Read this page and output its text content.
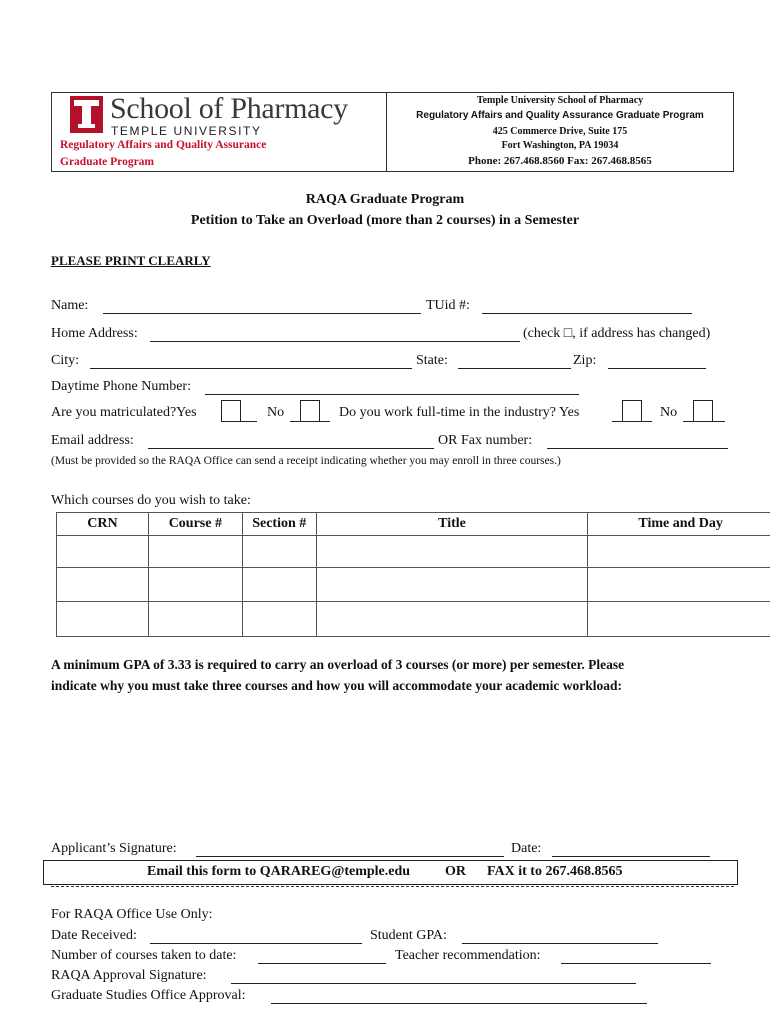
School of Pharmacy
TEMPLE UNIVERSITY
Regulatory Affairs and Quality Assurance
Graduate Program
Temple University School of Pharmacy
Regulatory Affairs and Quality Assurance Graduate Program
425 Commerce Drive, Suite 175
Fort Washington, PA 19034
Phone: 267.468.8560 Fax: 267.468.8565
RAQA Graduate Program
Petition to Take an Overload (more than 2 courses) in a Semester
PLEASE PRINT CLEARLY
Name:	TUid #:
Home Address:	(check □, if address has changed)
City:	State:	Zip:
Daytime Phone Number:
Are you matriculated?Yes	No	Do you work full-time in the industry? Yes	No
Email address:	OR Fax number:
(Must be provided so the RAQA Office can send a receipt indicating whether you may enroll in three courses.)
Which courses do you wish to take:
CRN	Course #	Section #	Title	Time and Day

A minimum GPA of 3.33 is required to carry an overload of 3 courses (or more) per semester. Please
indicate why you must take three courses and how you will accommodate your academic workload:
Applicant’s Signature:	Date:
Email this form to QARAREG@temple.edu OR FAX it to 267.468.8565
For RAQA Office Use Only:
Date Received:	Student GPA:
Number of courses taken to date:	Teacher recommendation:
RAQA Approval Signature:
Graduate Studies Office Approval:
